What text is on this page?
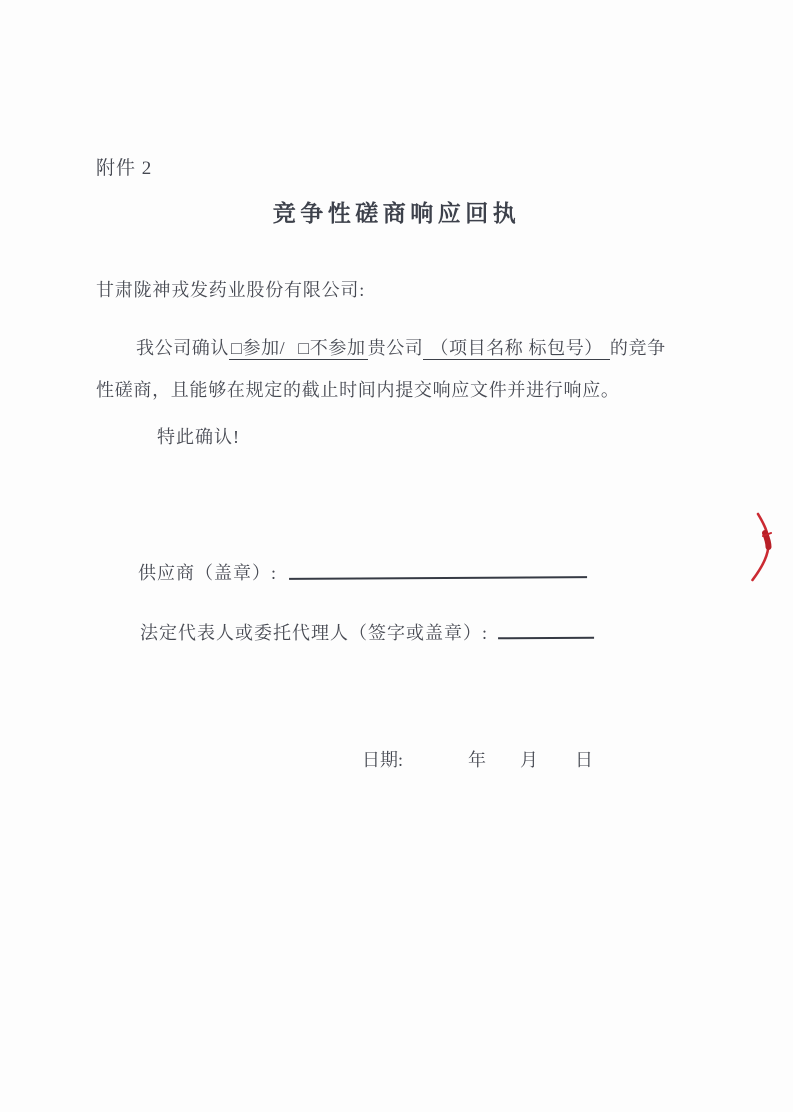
附件 2
竞争性磋商响应回执
甘肃陇神戎发药业股份有限公司:
我公司确认 □参加/ □不参加 贵公司 （项目名称 标包号） 的竞争
性磋商，且能够在规定的截止时间内提交响应文件并进行响应。
特此确认!
供应商（盖章）:
法定代表人或委托代理人（签字或盖章）:
日期:	年 月 日
